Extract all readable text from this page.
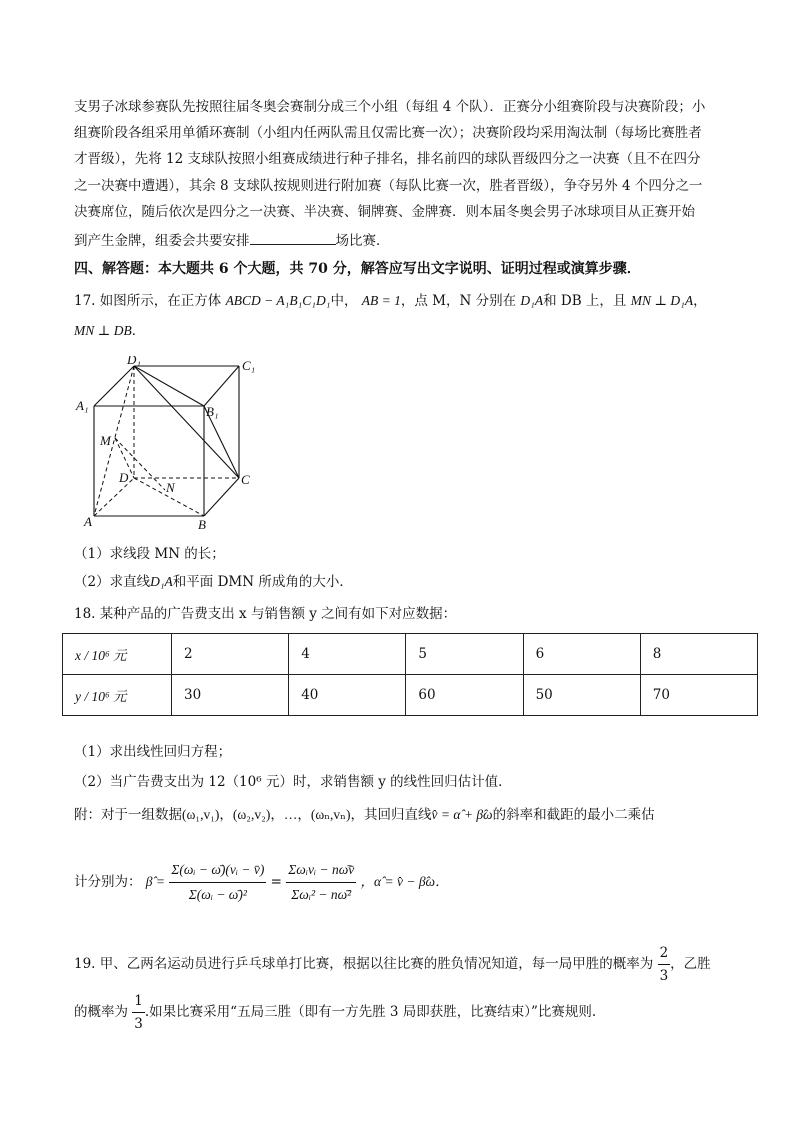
支男子冰球参赛队先按照往届冬奥会赛制分成三个小组（每组 4 个队）．正赛分小组赛阶段与决赛阶段；小
组赛阶段各组采用单循环赛制（小组内任两队需且仅需比赛一次）；决赛阶段均采用淘汰制（每场比赛胜者
才晋级），先将 12 支球队按照小组赛成绩进行种子排名，排名前四的球队晋级四分之一决赛（且不在四分
之一决赛中遭遇），其余 8 支球队按规则进行附加赛（每队比赛一次，胜者晋级），争夺另外 4 个四分之一
决赛席位，随后依次是四分之一决赛、半决赛、铜牌赛、金牌赛．则本届冬奥会男子冰球项目从正赛开始
到产生金牌，组委会共要安排	场比赛．
四、解答题：本大题共 6 个大题，共 70 分，解答应写出文字说明、证明过程或演算步骤．
17. 如图所示，在正方体 ABCD − A₁B₁C₁D₁中， AB = 1，点 M，N 分别在 D₁A和 DB 上，且 MN ⊥ D₁A，
MN ⊥ DB．
D₁	C₁
A₁	B₁
M
D	C
N
A	B
（1）求线段 MN 的长；
（2）求直线D₁A和平面 DMN 所成角的大小．
18. 某种产品的广告费支出 x 与销售额 y 之间有如下对应数据：
x / 10⁶ 元	2	4	5	6	8
y / 10⁶ 元	30	40	60	50	70
（1）求出线性回归方程；
（2）当广告费支出为 12（10⁶ 元）时，求销售额 y 的线性回归估计值．
附：对于一组数据(ω₁,v₁)，(ω₂,v₂)，…，(ωₙ,vₙ)，其回归直线v̂ = α̂ + β̂ω的斜率和截距的最小二乘估
计分别为： β̂ = $\frac{\text{Σ(ωᵢ − ω̄)(vᵢ − v̄)}}{\text{Σ(ωᵢ − ω̄)²}} = \frac{\text{Σωᵢvᵢ − nω̄v̄}}{\text{Σωᵢ² − nω̄²}}$ ，α̂ = v̂ − β̂ω．
19. 甲、乙两名运动员进行乒乓球单打比赛，根据以往比赛的胜负情况知道，每一局甲胜的概率为 $\frac{2}{3}$ ，乙胜
的概率为 $\frac{1}{3}$ .如果比赛采用“五局三胜（即有一方先胜 3 局即获胜，比赛结束）”比赛规则.
